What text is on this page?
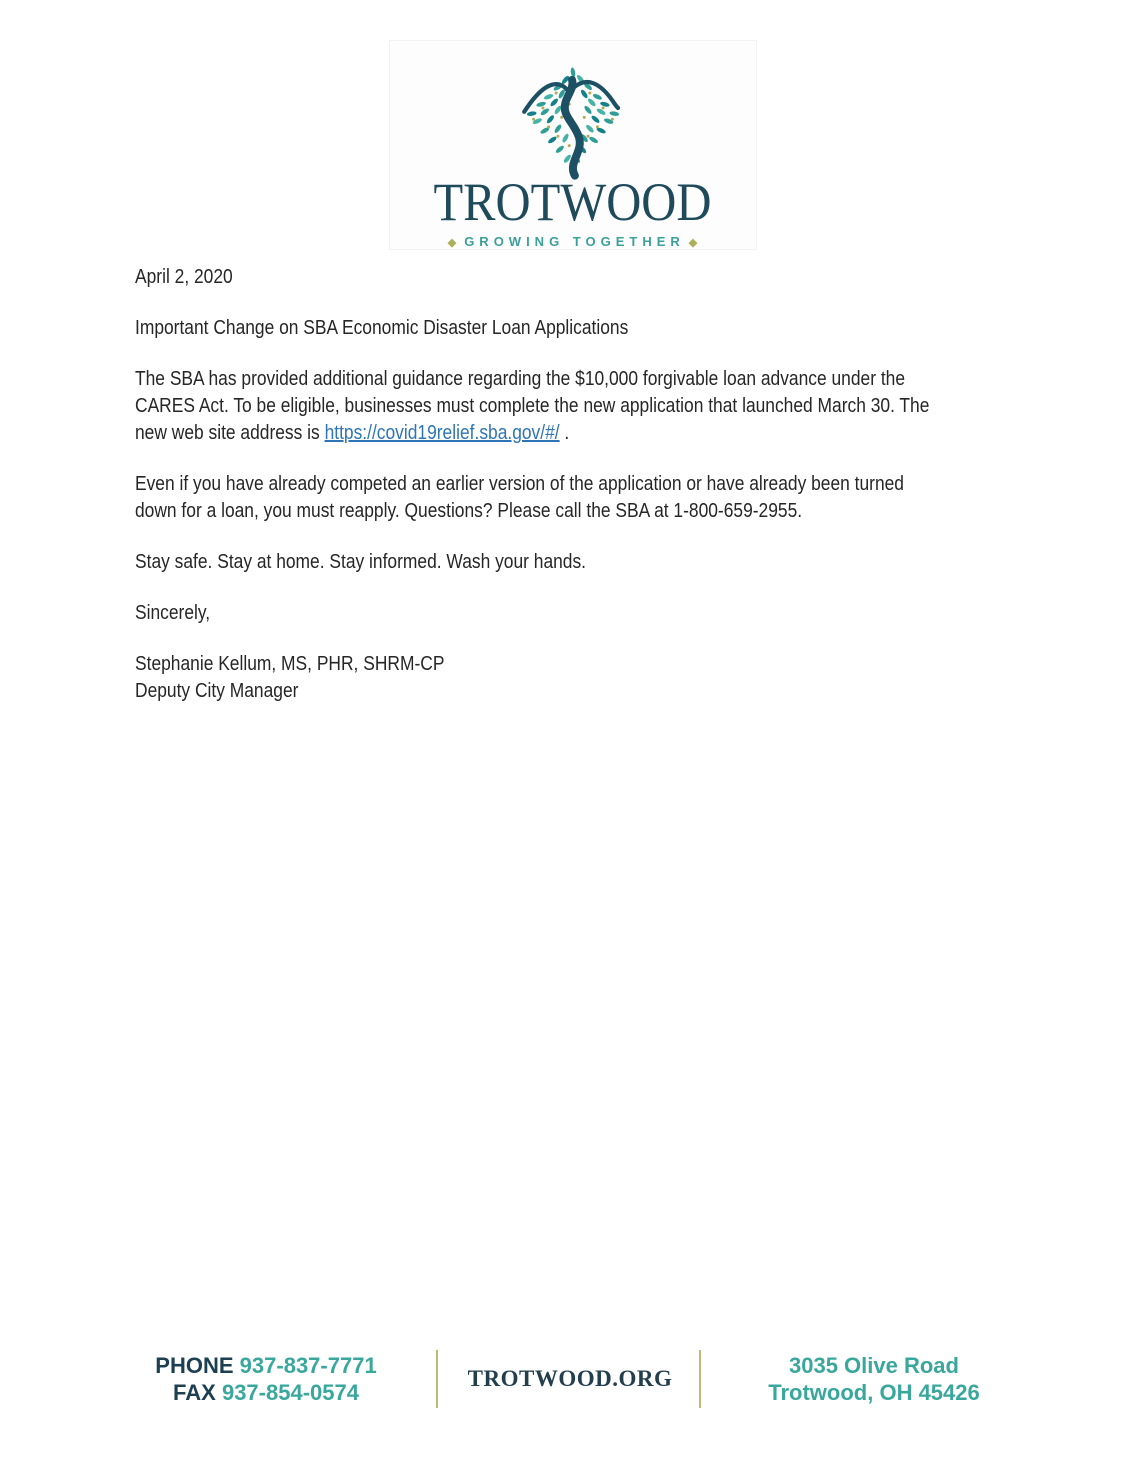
TROTWOOD
◆ GROWING TOGETHER ◆

April 2, 2020

Important Change on SBA Economic Disaster Loan Applications

The SBA has provided additional guidance regarding the $10,000 forgivable loan advance under the
CARES Act. To be eligible, businesses must complete the new application that launched March 30. The
new web site address is https://covid19relief.sba.gov/#/ .

Even if you have already competed an earlier version of the application or have already been turned
down for a loan, you must reapply. Questions? Please call the SBA at 1-800-659-2955.

Stay safe. Stay at home. Stay informed. Wash your hands.

Sincerely,

Stephanie Kellum, MS, PHR, SHRM-CP

Deputy City Manager

PHONE 937-837-7771
FAX 937-854-0574
TROTWOOD.ORG
3035 Olive Road
Trotwood, OH 45426
